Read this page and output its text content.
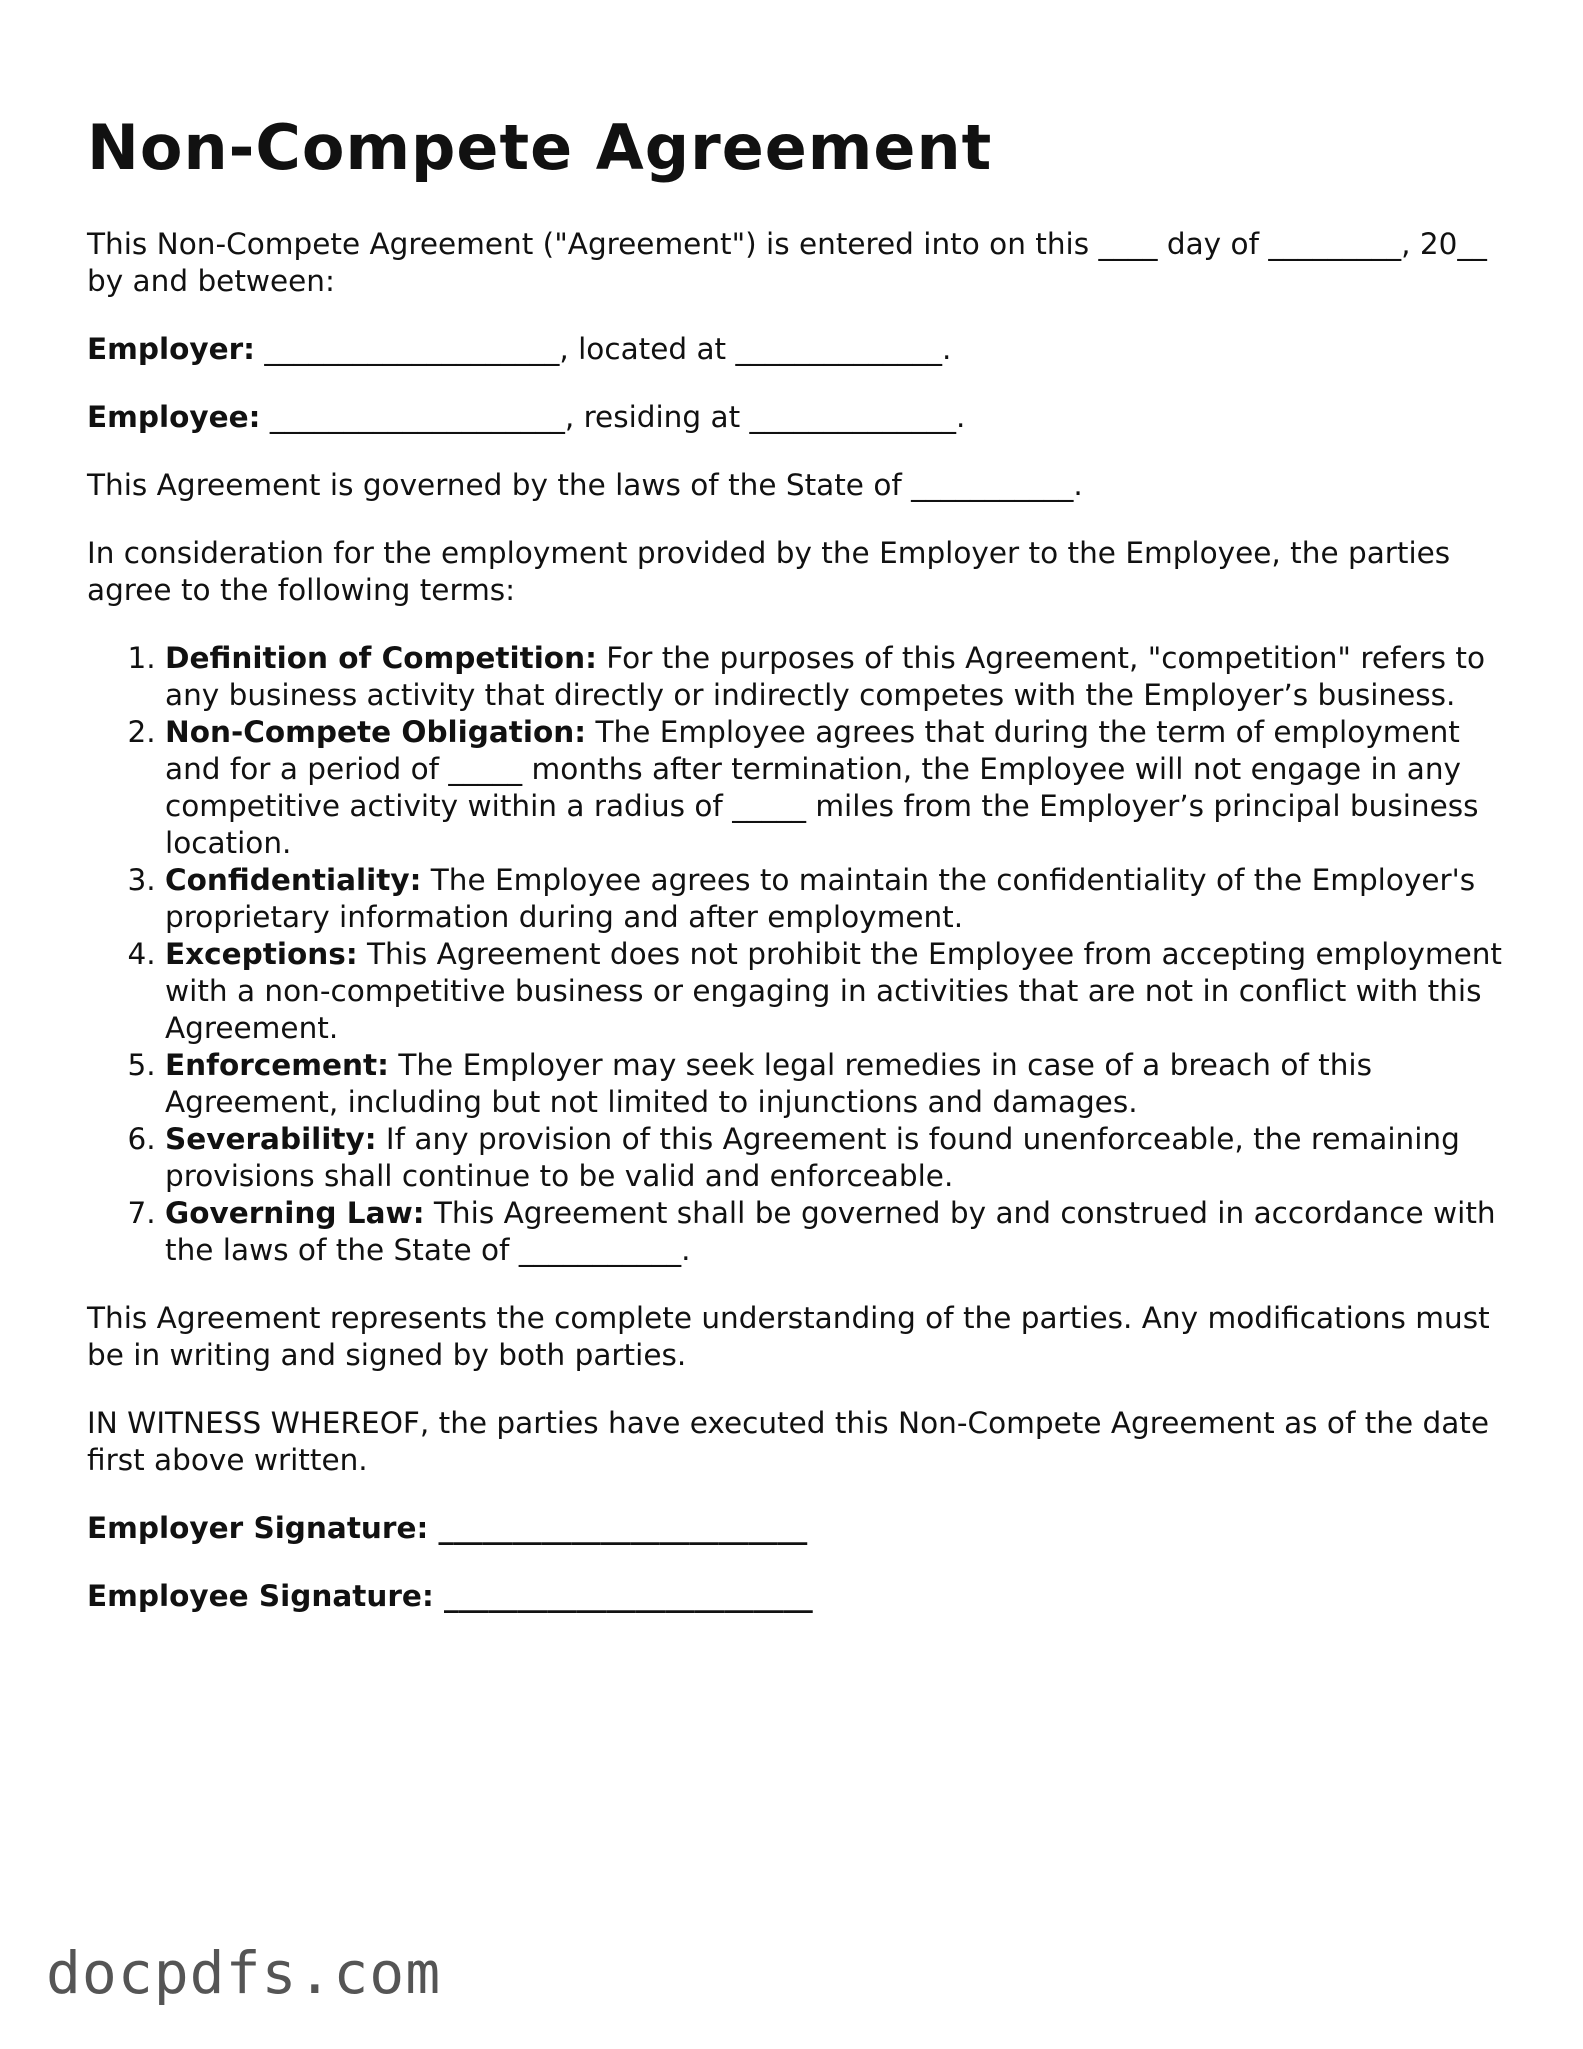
Non-Compete Agreement

This Non-Compete Agreement ("Agreement") is entered into on this ____ day of _________, 20__ by and between:

Employer: ____________________, located at ______________.

Employee: ____________________, residing at ______________.

This Agreement is governed by the laws of the State of ___________.

In consideration for the employment provided by the Employer to the Employee, the parties agree to the following terms:

1. Definition of Competition: For the purposes of this Agreement, "competition" refers to any business activity that directly or indirectly competes with the Employer’s business.
2. Non-Compete Obligation: The Employee agrees that during the term of employment and for a period of _____ months after termination, the Employee will not engage in any competitive activity within a radius of _____ miles from the Employer’s principal business location.
3. Confidentiality: The Employee agrees to maintain the confidentiality of the Employer's proprietary information during and after employment.
4. Exceptions: This Agreement does not prohibit the Employee from accepting employment with a non-competitive business or engaging in activities that are not in conflict with this Agreement.
5. Enforcement: The Employer may seek legal remedies in case of a breach of this Agreement, including but not limited to injunctions and damages.
6. Severability: If any provision of this Agreement is found unenforceable, the remaining provisions shall continue to be valid and enforceable.
7. Governing Law: This Agreement shall be governed by and construed in accordance with the laws of the State of ___________.

This Agreement represents the complete understanding of the parties. Any modifications must be in writing and signed by both parties.

IN WITNESS WHEREOF, the parties have executed this Non-Compete Agreement as of the date first above written.

Employer Signature: _________________________

Employee Signature: _________________________

docpdfs.com
